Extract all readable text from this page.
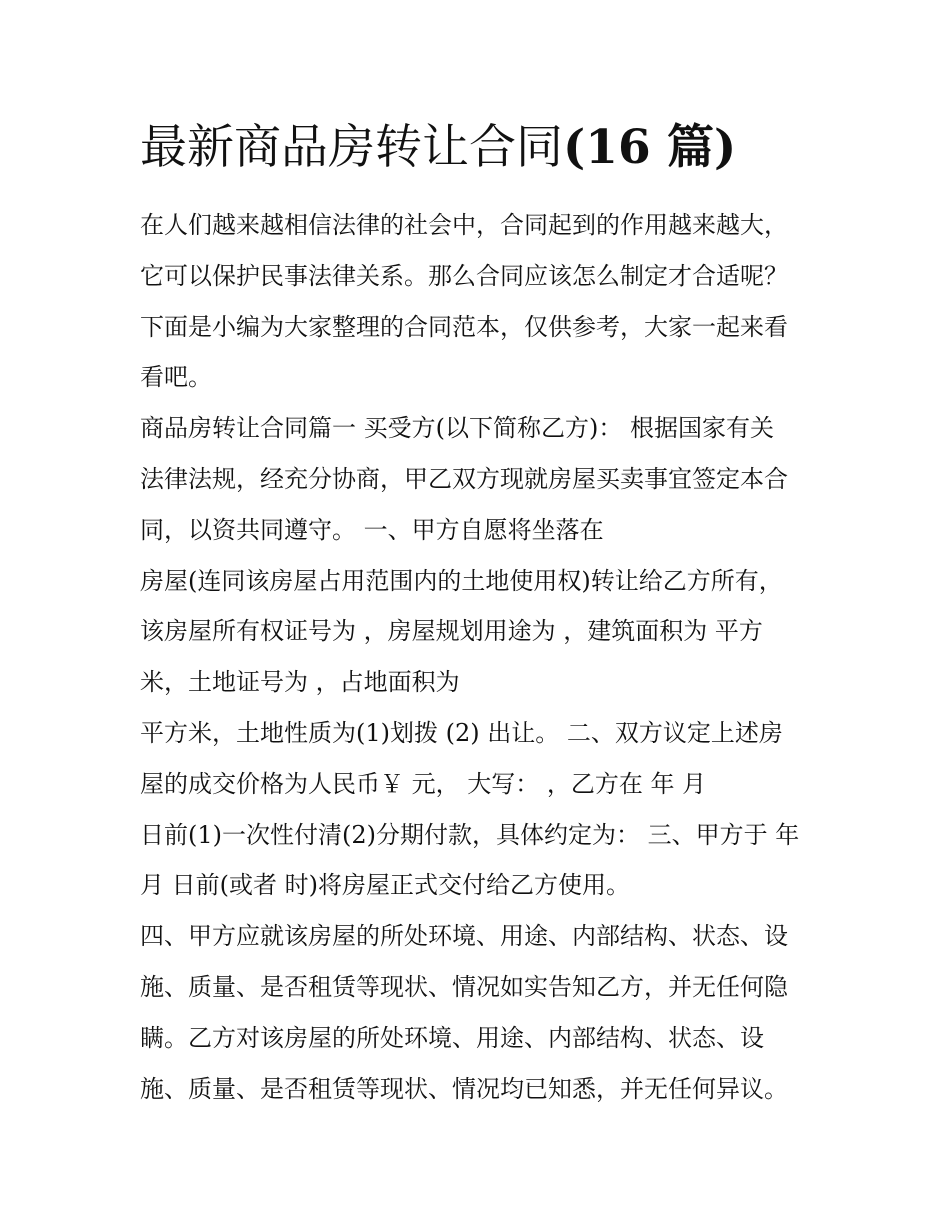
最新商品房转让合同(16 篇)

在人们越来越相信法律的社会中，合同起到的作用越来越大，

它可以保护民事法律关系。那么合同应该怎么制定才合适呢？

下面是小编为大家整理的合同范本，仅供参考，大家一起来看

看吧。

商品房转让合同篇一 买受方(以下简称乙方)： 根据国家有关

法律法规，经充分协商，甲乙双方现就房屋买卖事宜签定本合

同，以资共同遵守。 一、甲方自愿将坐落在

房屋(连同该房屋占用范围内的土地使用权)转让给乙方所有，

该房屋所有权证号为 ，房屋规划用途为 ，建筑面积为 平方

米，土地证号为 ，占地面积为

平方米，土地性质为(1)划拨 (2) 出让。 二、双方议定上述房

屋的成交价格为人民币￥ 元， 大写： ，乙方在 年 月

日前(1)一次性付清(2)分期付款，具体约定为： 三、甲方于 年

月 日前(或者 时)将房屋正式交付给乙方使用。

四、甲方应就该房屋的所处环境、用途、内部结构、状态、设

施、质量、是否租赁等现状、情况如实告知乙方，并无任何隐

瞒。乙方对该房屋的所处环境、用途、内部结构、状态、设

施、质量、是否租赁等现状、情况均已知悉，并无任何异议。
